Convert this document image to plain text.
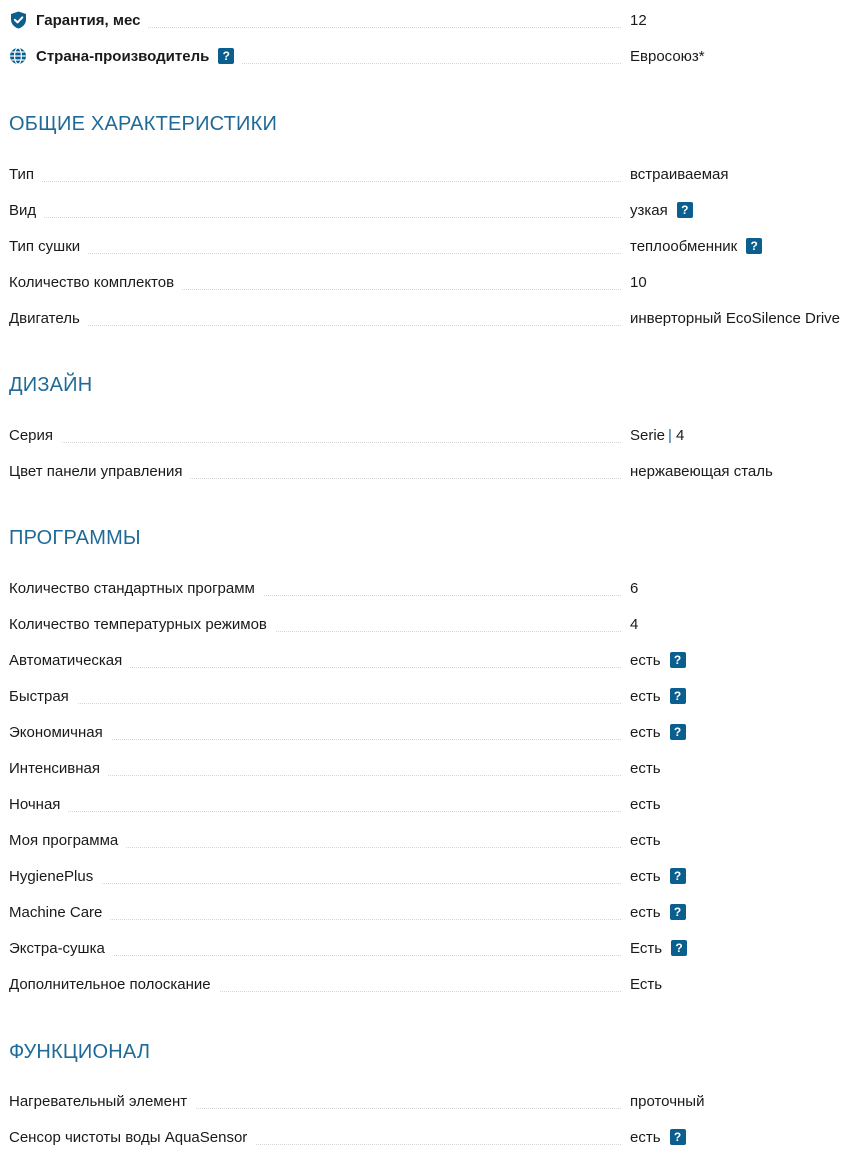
Гарантия, мес	12
Страна-производитель	?	Евросоюз*
ОБЩИЕ ХАРАКТЕРИСТИКИ
Тип	встраиваемая
Вид	узкая	?
Тип сушки	теплообменник	?
Количество комплектов	10
Двигатель	инверторный EcoSilence Drive
ДИЗАЙН
Серия	Serie | 4
Цвет панели управления	нержавеющая сталь
ПРОГРАММЫ
Количество стандартных программ	6
Количество температурных режимов	4
Автоматическая	есть	?
Быстрая	есть	?
Экономичная	есть	?
Интенсивная	есть
Ночная	есть
Моя программа	есть
HygienePlus	есть	?
Machine Care	есть	?
Экстра-сушка	Есть	?
Дополнительное полоскание	Есть
ФУНКЦИОНАЛ
Нагревательный элемент	проточный
Сенсор чистоты воды AquaSensor	есть	?
